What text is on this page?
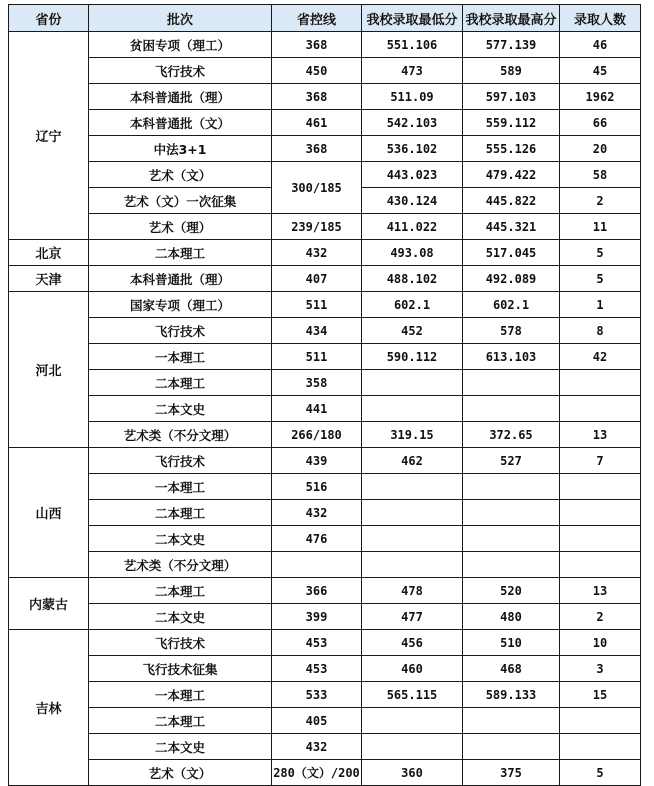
省份	批次	省控线	我校录取最低分	我校录取最高分	录取人数
辽宁	贫困专项（理工）	368	551.106	577.139	46
	飞行技术	450	473	589	45
	本科普通批（理）	368	511.09	597.103	1962
	本科普通批（文）	461	542.103	559.112	66
	中法3+1	368	536.102	555.126	20
	艺术（文）	300/185	443.023	479.422	58
	艺术（文）一次征集		430.124	445.822	2
	艺术（理）	239/185	411.022	445.321	11
北京	二本理工	432	493.08	517.045	5
天津	本科普通批（理）	407	488.102	492.089	5
河北	国家专项（理工）	511	602.1	602.1	1
	飞行技术	434	452	578	8
	一本理工	511	590.112	613.103	42
	二本理工	358			
	二本文史	441			
	艺术类（不分文理）	266/180	319.15	372.65	13
山西	飞行技术	439	462	527	7
	一本理工	516			
	二本理工	432			
	二本文史	476			
	艺术类（不分文理）				
内蒙古	二本理工	366	478	520	13
	二本文史	399	477	480	2
吉林	飞行技术	453	456	510	10
	飞行技术征集	453	460	468	3
	一本理工	533	565.115	589.133	15
	二本理工	405			
	二本文史	432			
	艺术（文）	280（文）/200	360	375	5
